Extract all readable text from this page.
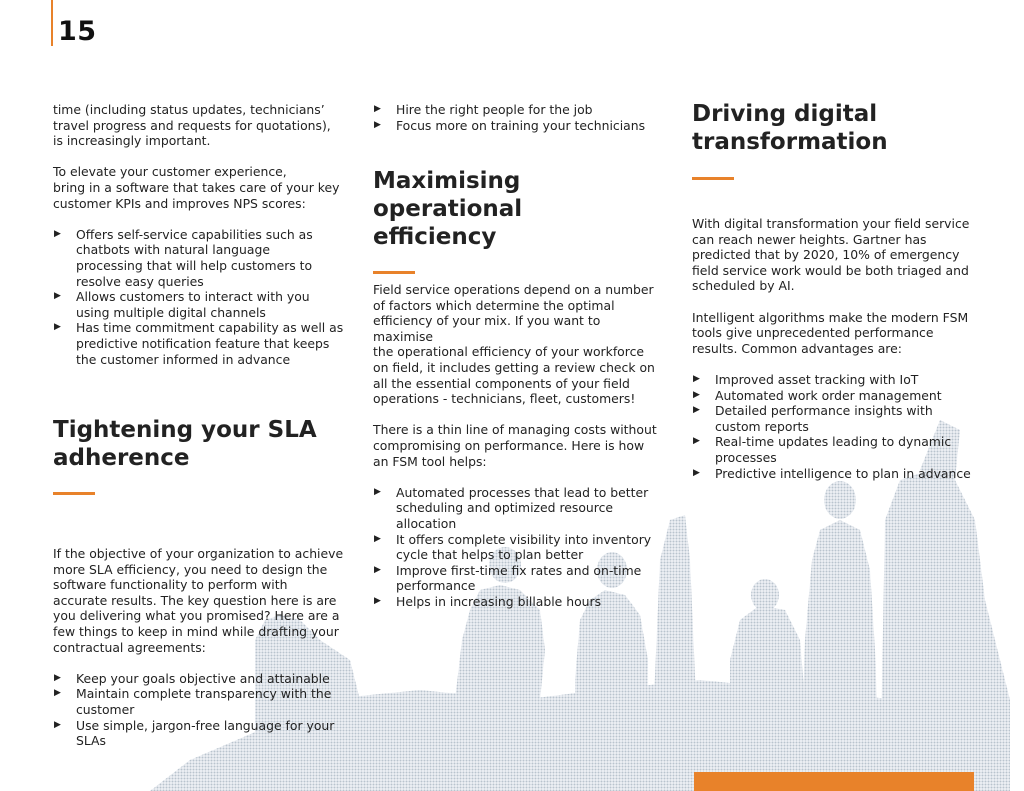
15

time (including status updates, technicians’
travel progress and requests for quotations),
is increasingly important.

To elevate your customer experience,
bring in a software that takes care of your key
customer KPIs and improves NPS scores:

▶ Offers self-service capabilities such as
chatbots with natural language
processing that will help customers to
resolve easy queries
▶ Allows customers to interact with you
using multiple digital channels
▶ Has time commitment capability as well as
predictive notification feature that keeps
the customer informed in advance
Tightening your SLA
adherence

If the objective of your organization to achieve
more SLA efficiency, you need to design the
software functionality to perform with
accurate results. The key question here is are
you delivering what you promised? Here are a
few things to keep in mind while drafting your
contractual agreements:

▶ Keep your goals objective and attainable
▶ Maintain complete transparency with the
customer
▶ Use simple, jargon-free language for your
SLAs
▶ Hire the right people for the job
▶ Focus more on training your technicians
Maximising operational
efficiency

Field service operations depend on a number
of factors which determine the optimal
efficiency of your mix. If you want to maximise
the operational efficiency of your workforce
on field, it includes getting a review check on
all the essential components of your field
operations - technicians, fleet, customers!

There is a thin line of managing costs without
compromising on performance. Here is how
an FSM tool helps:

▶ Automated processes that lead to better
scheduling and optimized resource
allocation
▶ It offers complete visibility into inventory
cycle that helps to plan better
▶ Improve first-time fix rates and on-time
performance
▶ Helps in increasing billable hours
Driving digital
transformation

With digital transformation your field service
can reach newer heights. Gartner has
predicted that by 2020, 10% of emergency
field service work would be both triaged and
scheduled by AI.

Intelligent algorithms make the modern FSM
tools give unprecedented performance
results. Common advantages are:

▶ Improved asset tracking with IoT
▶ Automated work order management
▶ Detailed performance insights with
custom reports
▶ Real-time updates leading to dynamic
processes
▶ Predictive intelligence to plan in advance
